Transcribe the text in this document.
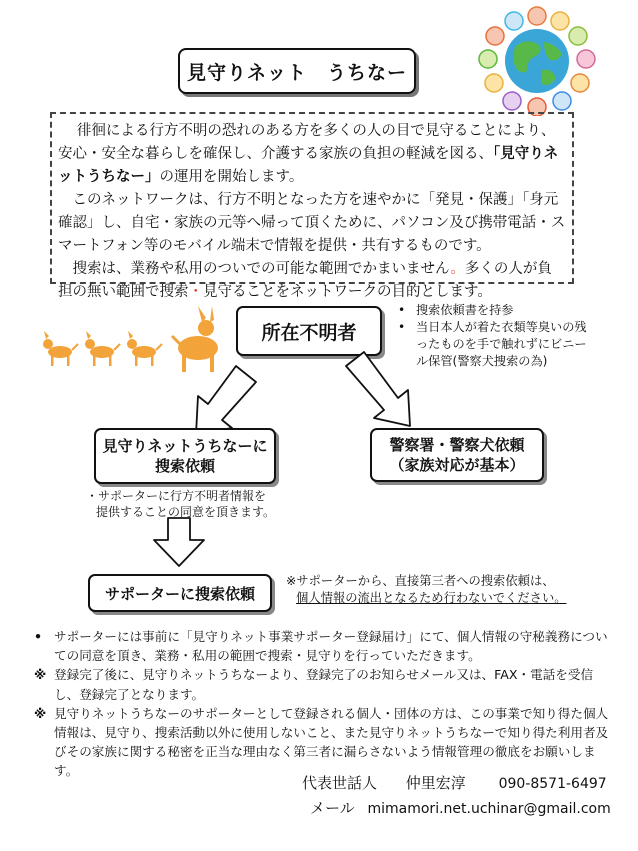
見守りネット　うちなー

徘徊による行方不明の恐れのある方を多くの人の目で見守ることにより、安心・安全な暮らしを確保し、介護する家族の負担の軽減を図る、「見守りネットうちなー」の運用を開始します。

このネットワークは、行方不明となった方を速やかに「発見・保護」「身元確認」し、自宅・家族の元等へ帰って頂くために、パソコン及び携帯電話・スマートフォン等のモバイル端末で情報を提供・共有するものです。

搜索は、業務や私用のついでの可能な範囲でかまいません。多くの人が負担の無い範囲で搜索・見守ることをネットワークの目的とします。

所在不明者
• 搜索依頼書を持参
• 当日本人が着た衣類等臭いの残ったものを手で触れずにビニール保管(警察犬捜索の為)
見守りネットうちなーに
搜索依頼
警察署・警察犬依頼
（家族対応が基本）
・サポーターに行方不明者情報を
提供することの同意を頂きます。
サポーターに搜索依頼
※サポーターから、直接第三者への搜索依頼は、
個人情報の流出となるため行わないでください。
• サポーターには事前に「見守りネット事業サポーター登録届け」にて、個人情報の守秘義務についての同意を頂き、業務・私用の範囲で搜索・見守りを行っていただきます。
※ 登録完了後に、見守りネットうちなーより、登録完了のお知らせメール又は、FAX・電話を受信し、登録完了となります。
※ 見守りネットうちなーのサポーターとして登録される個人・団体の方は、この事業で知り得た個人情報は、見守り、搜索活動以外に使用しないこと、また見守りネットうちなーで知り得た利用者及びその家族に関する秘密を正当な理由なく第三者に漏らさないよう情報管理の徹底をお願いします。
代表世話人 仲里宏淳 090-8571-6497
メール mimamori.net.uchinar@gmail.com
